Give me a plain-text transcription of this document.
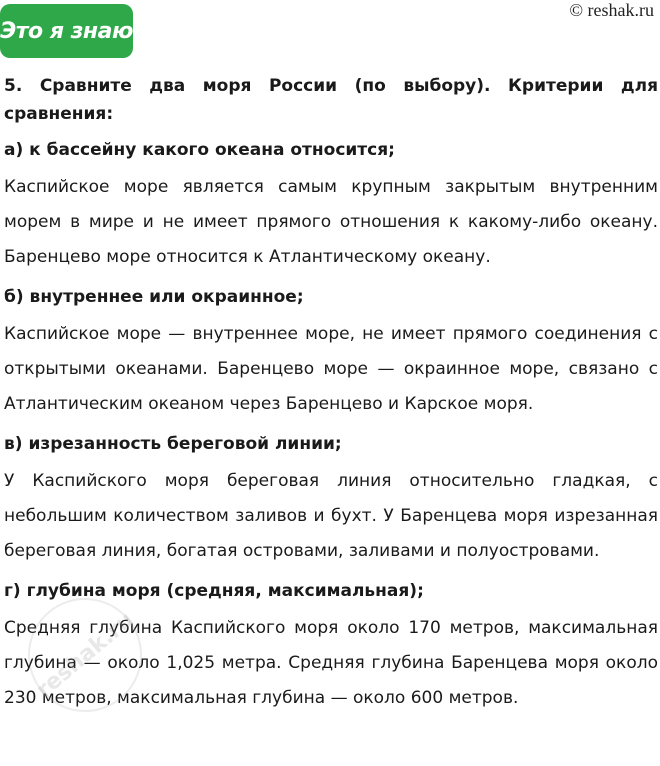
Это я знаю
© reshak.ru

5. Сравните два моря России (по выбору). Критерии для сравнения:

а) к бассейну какого океана относится;

Каспийское море является самым крупным закрытым внутренним морем в мире и не имеет прямого отношения к какому-либо океану. Баренцево море относится к Атлантическому океану.

б) внутреннее или окраинное;

Каспийское море — внутреннее море, не имеет прямого соединения с открытыми океанами. Баренцево море — окраинное море, связано с Атлантическим океаном через Баренцево и Карское моря.

в) изрезанность береговой линии;

У Каспийского моря береговая линия относительно гладкая, с небольшим количеством заливов и бухт. У Баренцева моря изрезанная береговая линия, богатая островами, заливами и полуостровами.

г) глубина моря (средняя, максимальная);

Средняя глубина Каспийского моря около 170 метров, максимальная глубина — около 1,025 метра. Средняя глубина Баренцева моря около 230 метров, максимальная глубина — около 600 метров.

reshak.ru
